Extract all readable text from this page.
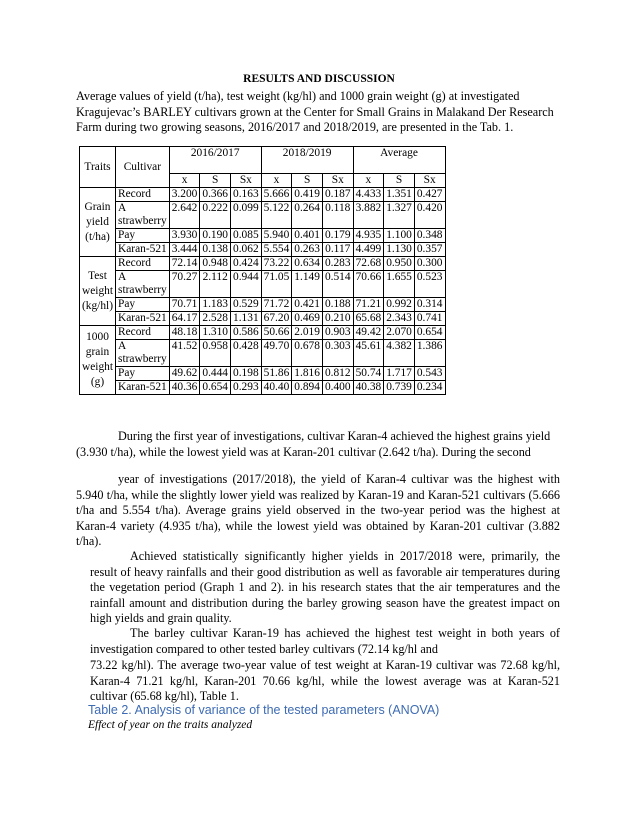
RESULTS AND DISCUSSION
Average values of yield (t/ha), test weight (kg/hl) and 1000 grain weight (g) at investigated
Kragujevac’s BARLEY cultivars grown at the Center for Small Grains in Malakand Der Research
Farm during two growing seasons, 2016/2017 and 2018/2019, are presented in the Tab. 1.
Traits	Cultivar	2016/2017			2018/2019			Average		
		x	S	Sx	x	S	Sx	x	S	Sx

Grain
yield
(t/ha)	Record	3.200	0.366	0.163	5.666	0.419	0.187	4.433	1.351	0.427

	A
strawberry	2.642	0.222	0.099	5.122	0.264	0.118	3.882	1.327	0.420

	Pay	3.930	0.190	0.085	5.940	0.401	0.179	4.935	1.100	0.348

	Karan-521	3.444	0.138	0.062	5.554	0.263	0.117	4.499	1.130	0.357

Test
weight
(kg/hl)	Record	72.14	0.948	0.424	73.22	0.634	0.283	72.68	0.950	0.300

	A
strawberry	70.27	2.112	0.944	71.05	1.149	0.514	70.66	1.655	0.523

	Pay	70.71	1.183	0.529	71.72	0.421	0.188	71.21	0.992	0.314

	Karan-521	64.17	2.528	1.131	67.20	0.469	0.210	65.68	2.343	0.741

1000
grain
weight
(g)	Record	48.18	1.310	0.586	50.66	2.019	0.903	49.42	2.070	0.654

	A
strawberry	41.52	0.958	0.428	49.70	0.678	0.303	45.61	4.382	1.386

	Pay	49.62	0.444	0.198	51.86	1.816	0.812	50.74	1.717	0.543

	Karan-521	40.36	0.654	0.293	40.40	0.894	0.400	40.38	0.739	0.234
During the first year of investigations, cultivar Karan-4 achieved the highest grains yield
(3.930 t/ha), while the lowest yield was at Karan-201 cultivar (2.642 t/ha). During the second
year of investigations (2017/2018), the yield of Karan-4 cultivar was the highest with 5.940 t/ha, while the slightly lower yield was realized by Karan-19 and Karan-521 cultivars (5.666 t/ha and 5.554 t/ha). Average grains yield observed in the two-year period was the highest at Karan-4 variety (4.935 t/ha), while the lowest yield was obtained by Karan-201 cultivar (3.882 t/ha).
Achieved statistically significantly higher yields in 2017/2018 were, primarily, the result of heavy rainfalls and their good distribution as well as favorable air temperatures during the vegetation period (Graph 1 and 2). in his research states that the air temperatures and the rainfall amount and distribution during the barley growing season have the greatest impact on high yields and grain quality.
The barley cultivar Karan-19 has achieved the highest test weight in both years of investigation compared to other tested barley cultivars (72.14 kg/hl and
73.22 kg/hl). The average two-year value of test weight at Karan-19 cultivar was 72.68 kg/hl, Karan-4 71.21 kg/hl, Karan-201 70.66 kg/hl, while the lowest average was at Karan-521 cultivar (65.68 kg/hl), Table 1.
Table 2. Analysis of variance of the tested parameters (ANOVA)
Effect of year on the traits analyzed
